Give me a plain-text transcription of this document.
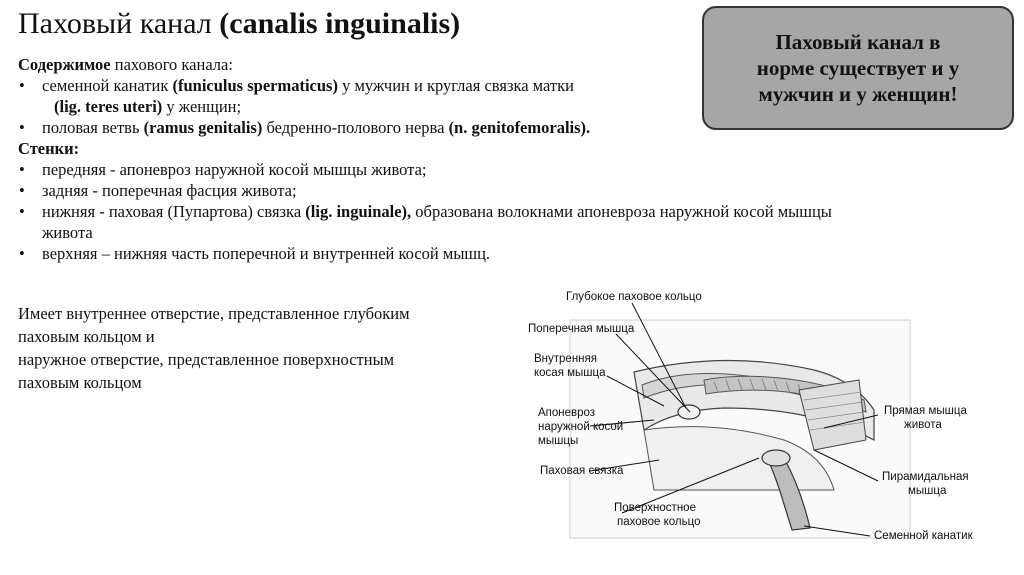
Паховый канал (canalis inguinalis)
Паховый канал в
норме существует и у
мужчин и у женщин!
Содержимое пахового канала:
• семенной канатик (funiculus spermaticus) у мужчин и круглая связка матки
(lig. teres uteri) у женщин;
• половая ветвь (ramus genitalis) бедренно-полового нерва (n. genitofemoralis).
Стенки:
• передняя - апоневроз наружной косой мышцы живота;
• задняя - поперечная фасция живота;
• нижняя - паховая (Пупартова) связка (lig. inguinale), образована волокнами апоневроза наружной косой мышцы
живота
• верхняя – нижняя часть поперечной и внутренней косой мышц.
Имеет внутреннее отверстие, представленное глубоким
паховым кольцом и
наружное отверстие, представленное поверхностным
паховым кольцом
Глубокое паховое кольцо
Поперечная мышца
Внутренняя
косая мышца
Апоневроз
наружной косой
мышцы
Паховая связка
Поверхностное
паховое кольцо
Прямая мышца
живота
Пирамидальная
мышца
Семенной канатик
